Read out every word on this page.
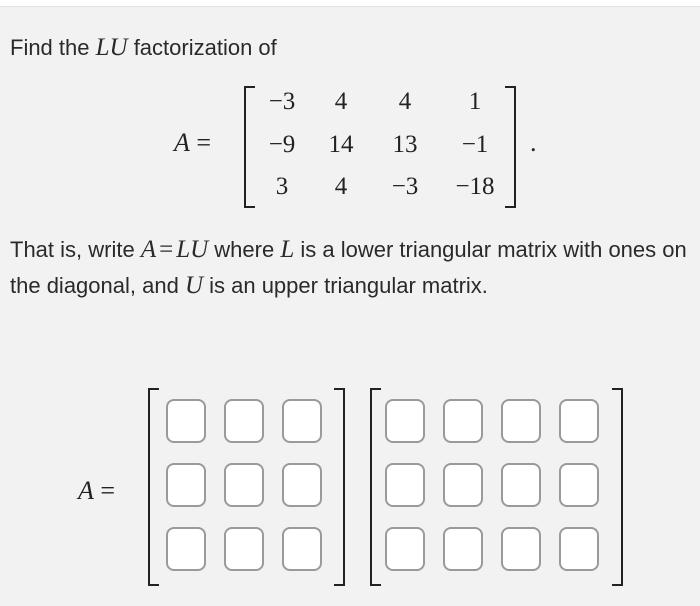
Find the LU factorization of
A =
−3 4 4 1
−9 14 13 −1
3 4 −3 −18
.
That is, write A = LU where L is a lower triangular matrix with ones on the diagonal, and U is an upper triangular matrix.
A =
